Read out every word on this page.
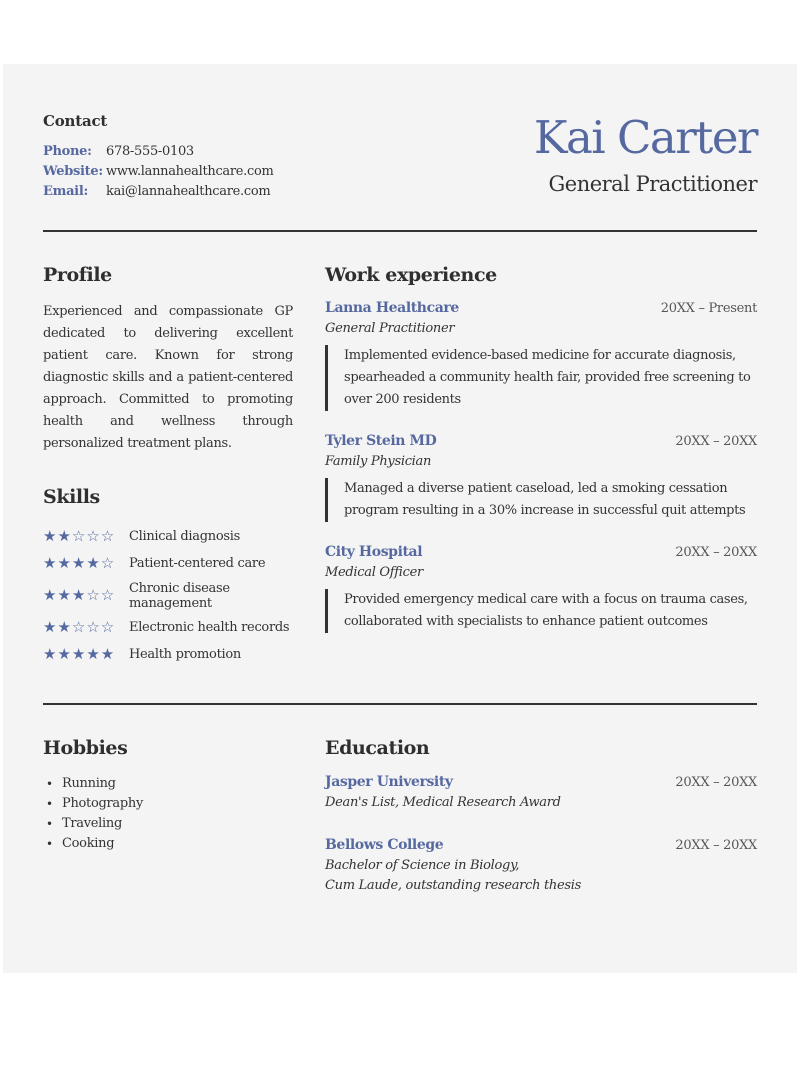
Contact
Phone:	678-555-0103
Website: www.lannahealthcare.com
Email:	kai@lannahealthcare.com
Kai Carter
General Practitioner
Profile
Experienced and compassionate GP dedicated to delivering excellent patient care. Known for strong diagnostic skills and a patient-centered approach. Committed to promoting health and wellness through personalized treatment plans.
Skills
★★☆☆☆	Clinical diagnosis
★★★★☆	Patient-centered care
★★★☆☆	Chronic disease management
★★☆☆☆	Electronic health records
★★★★★	Health promotion
Work experience
Lanna Healthcare	20XX – Present
General Practitioner
Implemented evidence-based medicine for accurate diagnosis, spearheaded a community health fair, provided free screening to over 200 residents
Tyler Stein MD	20XX – 20XX
Family Physician
Managed a diverse patient caseload, led a smoking cessation program resulting in a 30% increase in successful quit attempts
City Hospital	20XX – 20XX
Medical Officer
Provided emergency medical care with a focus on trauma cases, collaborated with specialists to enhance patient outcomes
Hobbies
• Running
• Photography
• Traveling
• Cooking
Education
Jasper University	20XX – 20XX
Dean's List, Medical Research Award
Bellows College	20XX – 20XX
Bachelor of Science in Biology,
Cum Laude, outstanding research thesis
